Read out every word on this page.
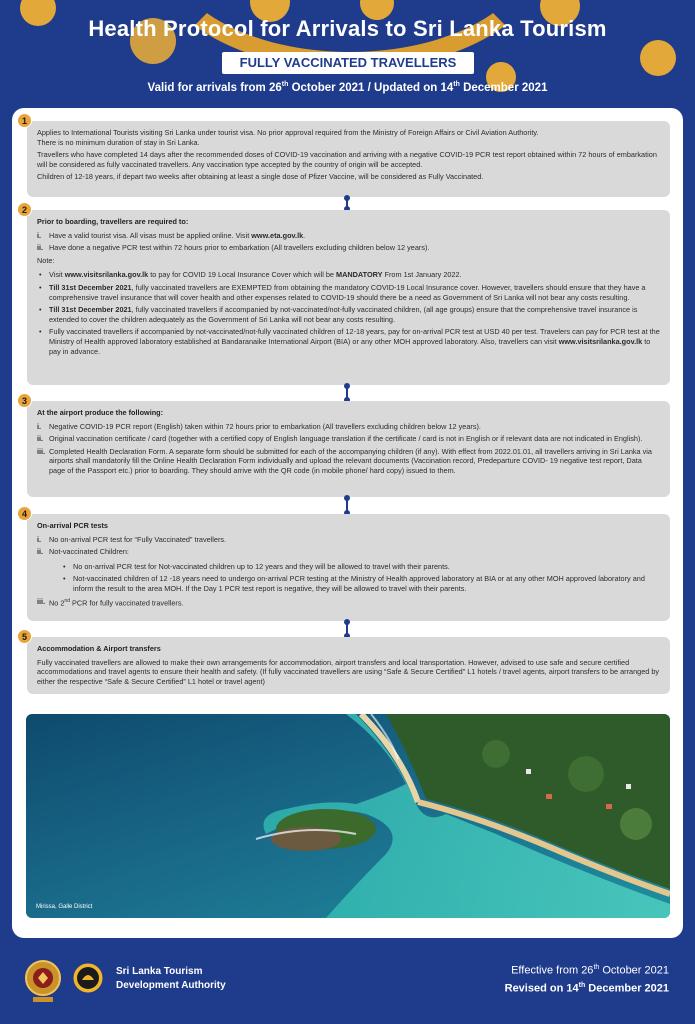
Health Protocol for Arrivals to Sri Lanka Tourism
FULLY VACCINATED TRAVELLERS
Valid for arrivals from 26th October 2021 / Updated on 14th December 2021

Applies to International Tourists visiting Sri Lanka under tourist visa. No prior approval required from the Ministry of Foreign Affairs or Civil Aviation Authority.
There is no minimum duration of stay in Sri Lanka.

Travellers who have completed 14 days after the recommended doses of COVID-19 vaccination and arriving with a negative COVID-19 PCR test report obtained within 72 hours of embarkation will be considered as fully vaccinated travellers. Any vaccination type accepted by the country of origin will be accepted.

Children of 12-18 years, if depart two weeks after obtaining at least a single dose of Pfizer Vaccine, will be considered as Fully Vaccinated.

1

Prior to boarding, travellers are required to:

i. Have a valid tourist visa. All visas must be applied online. Visit www.eta.gov.lk.
ii. Have done a negative PCR test within 72 hours prior to embarkation (All travellers excluding children below 12 years).

Note:

• Visit www.visitsrilanka.gov.lk to pay for COVID 19 Local Insurance Cover which will be MANDATORY From 1st January 2022.
• Till 31st December 2021, fully vaccinated travellers are EXEMPTED from obtaining the mandatory COVID-19 Local Insurance cover. However, travellers should ensure that they have a comprehensive travel insurance that will cover health and other expenses related to COVID-19 should there be a need as Government of Sri Lanka will not bear any costs resulting.
• Till 31st December 2021, fully vaccinated travellers if accompanied by not-vaccinated/not-fully vaccinated children, (all age groups) ensure that the comprehensive travel insurance is extended to cover the children adequately as the Government of Sri Lanka will not bear any costs resulting.
• Fully vaccinated travellers if accompanied by not-vaccinated/not-fully vaccinated children of 12-18 years, pay for on-arrival PCR test at USD 40 per test. Travelers can pay for PCR test at the Ministry of Health approved laboratory established at Bandaranaike International Airport (BIA) or any other MOH approved laboratory. Also, travellers can visit www.visitsrilanka.gov.lk to pay in advance.
2

At the airport produce the following:

i. Negative COVID-19 PCR report (English) taken within 72 hours prior to embarkation (All travellers excluding children below 12 years).
ii. Original vaccination certificate / card (together with a certified copy of English language translation if the certificate / card is not in English or if relevant data are not indicated in English).
iii. Completed Health Declaration Form. A separate form should be submitted for each of the accompanying children (if any). With effect from 2022.01.01, all travellers arriving in Sri Lanka via airports shall mandatorily fill the Online Health Declaration Form individually and upload the relevant documents (Vaccination record, Predeparture COVID- 19 negative test report, Data page of the Passport etc.) prior to boarding. They should arrive with the QR code (in mobile phone/ hard copy) issued to them.
3

On-arrival PCR tests

i. No on-arrival PCR test for “Fully Vaccinated” travellers.
ii. Not-vaccinated Children:
• No on-arrival PCR test for Not-vaccinated children up to 12 years and they will be allowed to travel with their parents.
• Not-vaccinated children of 12 -18 years need to undergo on-arrival PCR testing at the Ministry of Health approved laboratory at BIA or at any other MOH approved laboratory and inform the result to the area MOH. If the Day 1 PCR test report is negative, they will be allowed to travel with their parents.
iii. No 2nd PCR for fully vaccinated travellers.
4

Accommodation & Airport transfers

Fully vaccinated travellers are allowed to make their own arrangements for accommodation, airport transfers and local transportation. However, advised to use safe and secure certified accommodations and travel agents to ensure their health and safety. (If fully vaccinated travellers are using “Safe & Secure Certified” L1 hotels / travel agents, airport transfers to be arranged by either the respective “Safe & Secure Certified” L1 hotel or travel agent)

5
Mirissa, Galle District
Sri Lanka Tourism
Development Authority
Effective from 26th October 2021
Revised on 14th December 2021
